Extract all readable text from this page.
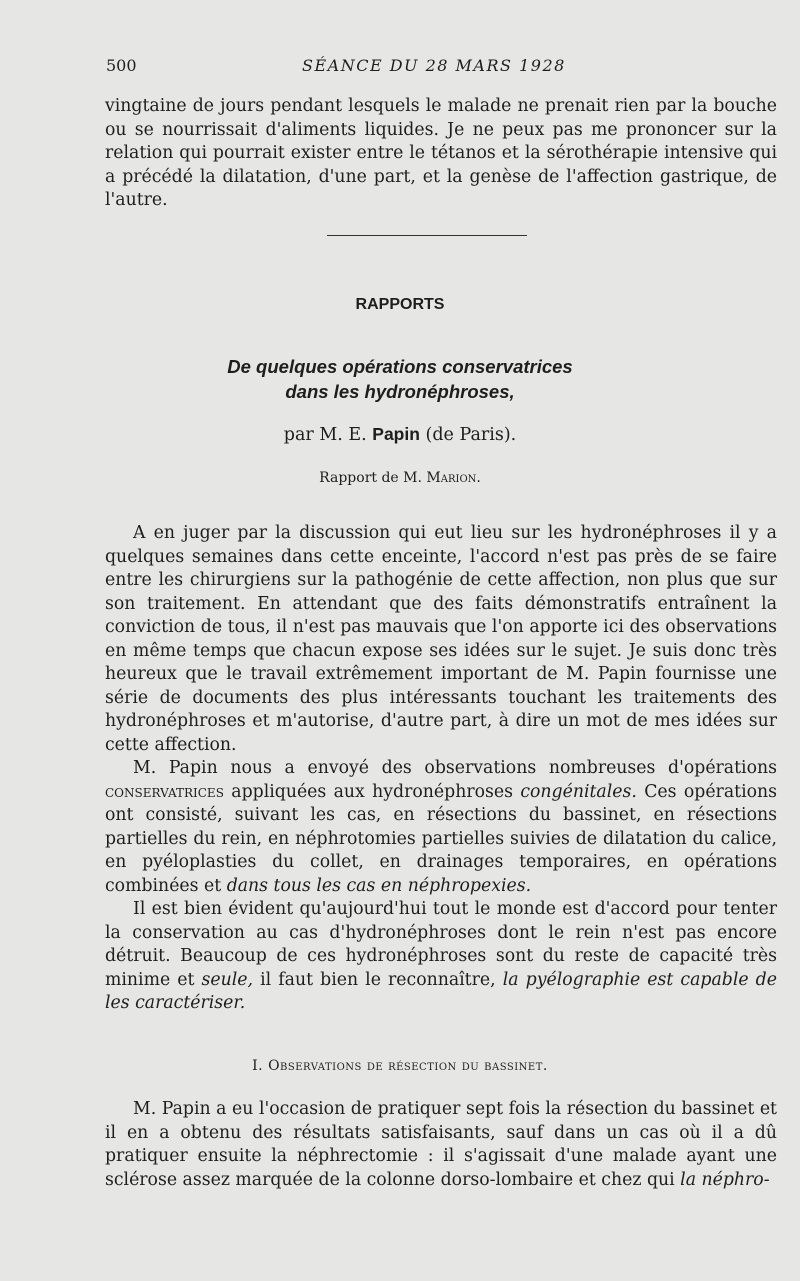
500	SÉANCE DU 28 MARS 1928

vingtaine de jours pendant lesquels le malade ne prenait rien par la bouche ou se nourrissait d'aliments liquides. Je ne peux pas me prononcer sur la relation qui pourrait exister entre le tétanos et la sérothérapie intensive qui a précédé la dilatation, d'une part, et la genèse de l'affection gastrique, de l'autre.

RAPPORTS
De quelques opérations conservatrices
dans les hydronéphroses,
par M. E. Papin (de Paris).
Rapport de M. Marion.

A en juger par la discussion qui eut lieu sur les hydronéphroses il y a quelques semaines dans cette enceinte, l'accord n'est pas près de se faire entre les chirurgiens sur la pathogénie de cette affection, non plus que sur son traitement. En attendant que des faits démonstratifs entraînent la conviction de tous, il n'est pas mauvais que l'on apporte ici des observations en même temps que chacun expose ses idées sur le sujet. Je suis donc très heureux que le travail extrêmement important de M. Papin fournisse une série de documents des plus intéressants touchant les traitements des hydronéphroses et m'autorise, d'autre part, à dire un mot de mes idées sur cette affection.

M. Papin nous a envoyé des observations nombreuses d'opérations conservatrices appliquées aux hydronéphroses congénitales. Ces opérations ont consisté, suivant les cas, en résections du bassinet, en résections partielles du rein, en néphrotomies partielles suivies de dilatation du calice, en pyéloplasties du collet, en drainages temporaires, en opérations combinées et dans tous les cas en néphropexies.

Il est bien évident qu'aujourd'hui tout le monde est d'accord pour tenter la conservation au cas d'hydronéphroses dont le rein n'est pas encore détruit. Beaucoup de ces hydronéphroses sont du reste de capacité très minime et seule, il faut bien le reconnaître, la pyélographie est capable de les caractériser.

I. Observations de résection du bassinet.

M. Papin a eu l'occasion de pratiquer sept fois la résection du bassinet et il en a obtenu des résultats satisfaisants, sauf dans un cas où il a dû pratiquer ensuite la néphrectomie : il s'agissait d'une malade ayant une sclérose assez marquée de la colonne dorso-lombaire et chez qui la néphro-
